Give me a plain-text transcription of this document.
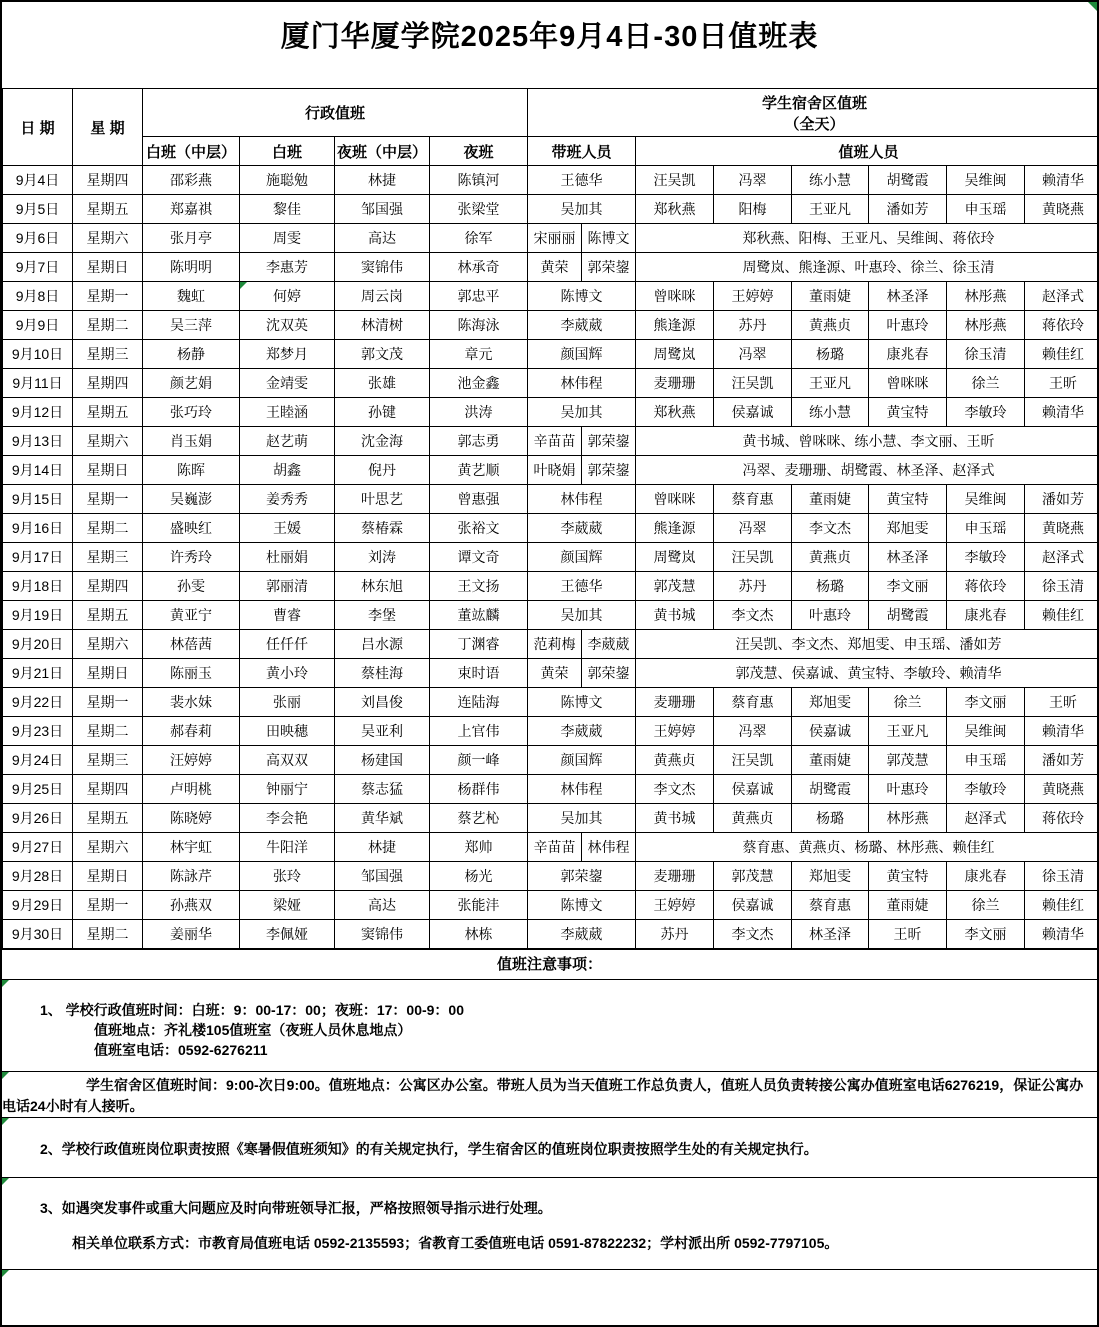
厦门华厦学院2025年9月4日-30日值班表
日 期	星 期	行政值班				学生宿舍区值班
（全天）							

		白班（中层）	白班	夜班（中层）	夜班	带班人员		值班人员					
9月4日	星期四	邵彩燕	施聪勉	林捷	陈镇河	王德华		汪吴凯	冯翠	练小慧	胡鹭霞	吴维闽	赖清华
9月5日	星期五	郑嘉祺	黎佳	邹国强	张梁堂	吴加其		郑秋燕	阳梅	王亚凡	潘如芳	申玉瑶	黄晓燕
9月6日	星期六	张月亭	周雯	高达	徐军	宋丽丽	陈博文	郑秋燕、阳梅、王亚凡、吴维闽、蒋依玲					
9月7日	星期日	陈明明	李惠芳	窦锦伟	林承奇	黄荣	郭荣鋆	周鹭岚、熊逢源、叶惠玲、徐兰、徐玉清					
9月8日	星期一	魏虹	何婷	周云岗	郭忠平	陈博文		曾咪咪	王婷婷	董雨婕	林圣泽	林彤燕	赵泽式
9月9日	星期二	吴三萍	沈双英	林清树	陈海泳	李葳葳		熊逢源	苏丹	黄燕贞	叶惠玲	林彤燕	蒋依玲
9月10日	星期三	杨静	郑梦月	郭文茂	章元	颜国辉		周鹭岚	冯翠	杨璐	康兆春	徐玉清	赖佳红
9月11日	星期四	颜艺娟	金靖雯	张雄	池金鑫	林伟程		麦珊珊	汪吴凯	王亚凡	曾咪咪	徐兰	王昕
9月12日	星期五	张巧玲	王睦涵	孙键	洪涛	吴加其		郑秋燕	侯嘉诚	练小慧	黄宝特	李敏玲	赖清华
9月13日	星期六	肖玉娟	赵艺萌	沈金海	郭志勇	辛苗苗	郭荣鋆	黄书城、曾咪咪、练小慧、李文丽、王昕					
9月14日	星期日	陈晖	胡鑫	倪丹	黄艺顺	叶晓娟	郭荣鋆	冯翠、麦珊珊、胡鹭霞、林圣泽、赵泽式					
9月15日	星期一	吴巍澎	姜秀秀	叶思艺	曾惠强	林伟程		曾咪咪	蔡育惠	董雨婕	黄宝特	吴维闽	潘如芳
9月16日	星期二	盛映红	王媛	蔡椿霖	张裕文	李葳葳		熊逢源	冯翠	李文杰	郑旭雯	申玉瑶	黄晓燕
9月17日	星期三	许秀玲	杜丽娟	刘涛	谭文奇	颜国辉		周鹭岚	汪吴凯	黄燕贞	林圣泽	李敏玲	赵泽式
9月18日	星期四	孙雯	郭丽清	林东旭	王文扬	王德华		郭茂慧	苏丹	杨璐	李文丽	蒋依玲	徐玉清
9月19日	星期五	黄亚宁	曹睿	李堡	董竑麟	吴加其		黄书城	李文杰	叶惠玲	胡鹭霞	康兆春	赖佳红
9月20日	星期六	林蓓茜	任仟仟	吕水源	丁渊睿	范莉梅	李葳葳	汪吴凯、李文杰、郑旭雯、申玉瑶、潘如芳					
9月21日	星期日	陈丽玉	黄小玲	蔡桂海	束时语	黄荣	郭荣鋆	郭茂慧、侯嘉诚、黄宝特、李敏玲、赖清华					
9月22日	星期一	裴水妹	张丽	刘昌俊	连陆海	陈博文		麦珊珊	蔡育惠	郑旭雯	徐兰	李文丽	王昕
9月23日	星期二	郝春莉	田映穗	吴亚利	上官伟	李葳葳		王婷婷	冯翠	侯嘉诚	王亚凡	吴维闽	赖清华
9月24日	星期三	汪婷婷	高双双	杨建国	颜一峰	颜国辉		黄燕贞	汪吴凯	董雨婕	郭茂慧	申玉瑶	潘如芳
9月25日	星期四	卢明桃	钟丽宁	蔡志猛	杨群伟	林伟程		李文杰	侯嘉诚	胡鹭霞	叶惠玲	李敏玲	黄晓燕
9月26日	星期五	陈晓婷	李会艳	黄华斌	蔡艺杺	吴加其		黄书城	黄燕贞	杨璐	林彤燕	赵泽式	蒋依玲
9月27日	星期六	林宇虹	牛阳洋	林捷	郑帅	辛苗苗	林伟程	蔡育惠、黄燕贞、杨璐、林彤燕、赖佳红					
9月28日	星期日	陈詠芹	张玲	邹国强	杨光	郭荣鋆		麦珊珊	郭茂慧	郑旭雯	黄宝特	康兆春	徐玉清
9月29日	星期一	孙燕双	梁娅	高达	张能沣	陈博文		王婷婷	侯嘉诚	蔡育惠	董雨婕	徐兰	赖佳红
9月30日	星期二	姜丽华	李佩娅	窦锦伟	林栋	李葳葳		苏丹	李文杰	林圣泽	王昕	李文丽	赖清华
值班注意事项：
1、 学校行政值班时间：白班：9：00-17：00；夜班：17：00-9：00
值班地点：齐礼楼105值班室（夜班人员休息地点）
值班室电话：0592-6276211

学生宿舍区值班时间：9:00-次日9:00。值班地点：公寓区办公室。带班人员为当天值班工作总负责人，值班人员负责转接公寓办值班室电话6276219，保证公寓办电话24小时有人接听。

2、学校行政值班岗位职责按照《寒暑假值班须知》的有关规定执行，学生宿舍区的值班岗位职责按照学生处的有关规定执行。
3、如遇突发事件或重大问题应及时向带班领导汇报，严格按照领导指示进行处理。
相关单位联系方式：市教育局值班电话 0592-2135593；省教育工委值班电话 0591-87822232；学村派出所 0592-7797105。
